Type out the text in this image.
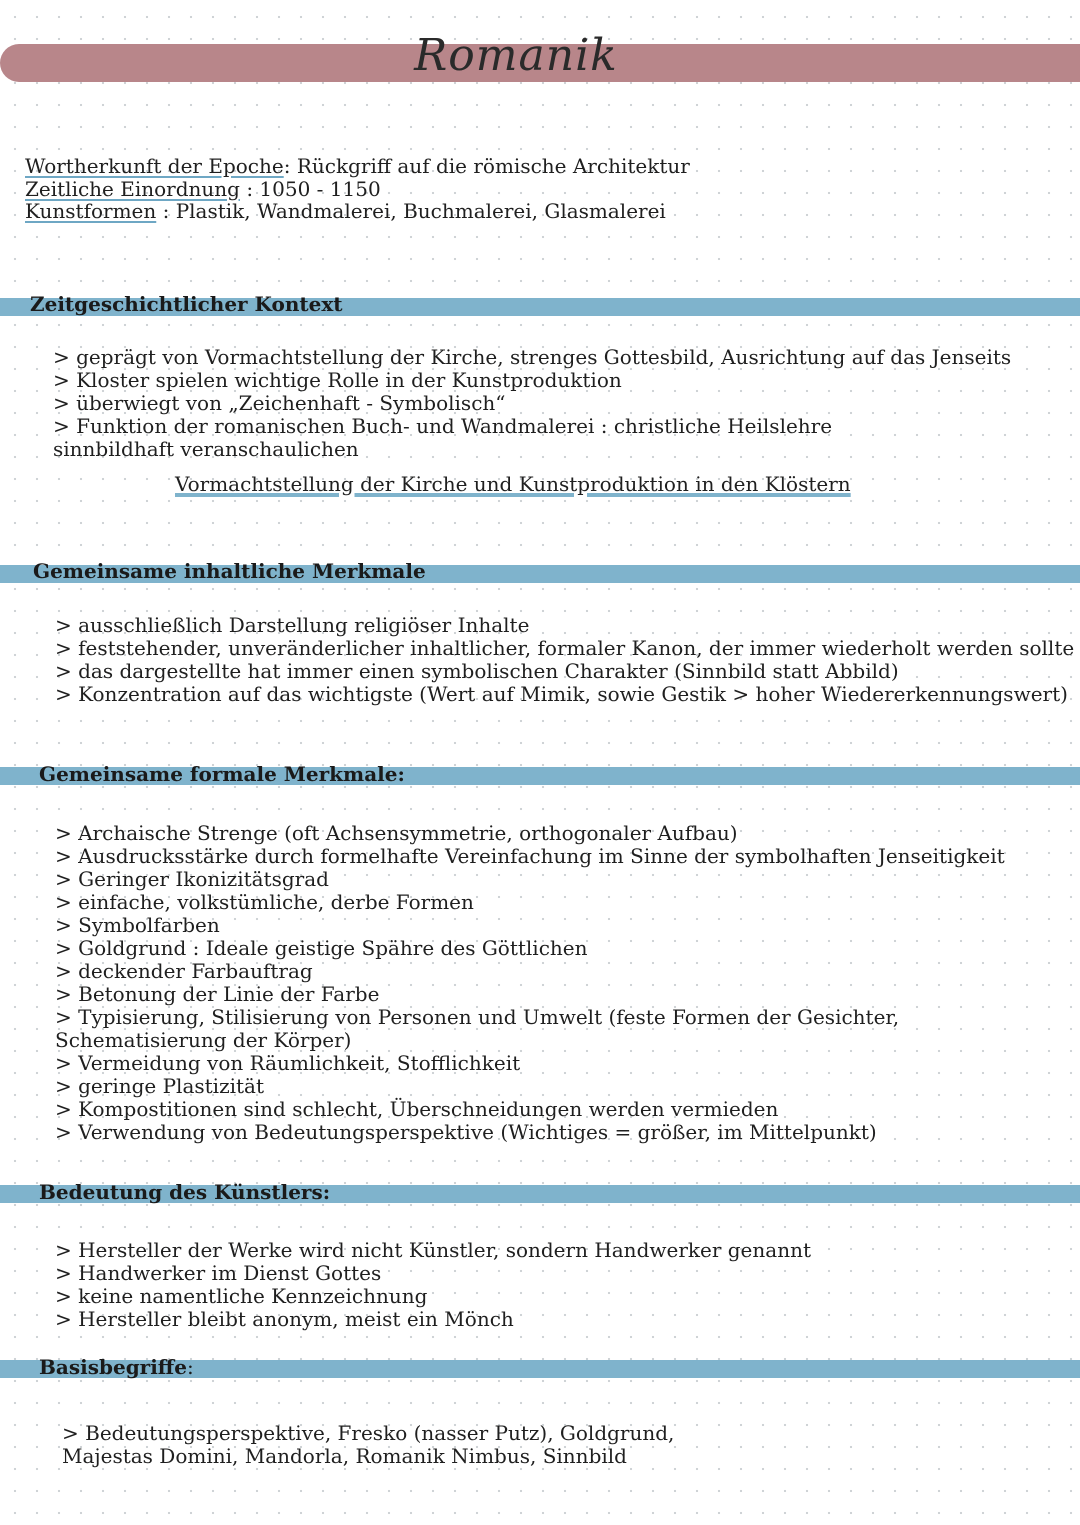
Romanik
Wortherkunft der Epoche: Rückgriff auf die römische Architektur
Zeitliche Einordnung : 1050 - 1150
Kunstformen : Plastik, Wandmalerei, Buchmalerei, Glasmalerei
Zeitgeschichtlicher Kontext
> geprägt von Vormachtstellung der Kirche, strenges Gottesbild, Ausrichtung auf das Jenseits
> Kloster spielen wichtige Rolle in der Kunstproduktion
> überwiegt von „Zeichenhaft - Symbolisch“
> Funktion der romanischen Buch- und Wandmalerei : christliche Heilslehre sinnbildhaft veranschaulichen
Vormachtstellung der Kirche und Kunstproduktion in den Klöstern
Gemeinsame inhaltliche Merkmale
> ausschließlich Darstellung religiöser Inhalte
> feststehender, unveränderlicher inhaltlicher, formaler Kanon, der immer wiederholt werden sollte
> das dargestellte hat immer einen symbolischen Charakter (Sinnbild statt Abbild)
> Konzentration auf das wichtigste (Wert auf Mimik, sowie Gestik > hoher Wiedererkennungswert)
Gemeinsame formale Merkmale:
> Archaische Strenge (oft Achsensymmetrie, orthogonaler Aufbau)
> Ausdrucksstärke durch formelhafte Vereinfachung im Sinne der symbolhaften Jenseitigkeit
> Geringer Ikonizitätsgrad
> einfache, volkstümliche, derbe Formen
> Symbolfarben
> Goldgrund : Ideale geistige Spähre des Göttlichen
> deckender Farbauftrag
> Betonung der Linie der Farbe
> Typisierung, Stilisierung von Personen und Umwelt (feste Formen der Gesichter, Schematisierung der Körper)
> Vermeidung von Räumlichkeit, Stofflichkeit
> geringe Plastizität
> Kompostitionen sind schlecht, Überschneidungen werden vermieden
> Verwendung von Bedeutungsperspektive (Wichtiges = größer, im Mittelpunkt)
Bedeutung des Künstlers:
> Hersteller der Werke wird nicht Künstler, sondern Handwerker genannt
> Handwerker im Dienst Gottes
> keine namentliche Kennzeichnung
> Hersteller bleibt anonym, meist ein Mönch
Basisbegriffe:
> Bedeutungsperspektive, Fresko (nasser Putz), Goldgrund, Majestas Domini, Mandorla, Romanik Nimbus, Sinnbild
